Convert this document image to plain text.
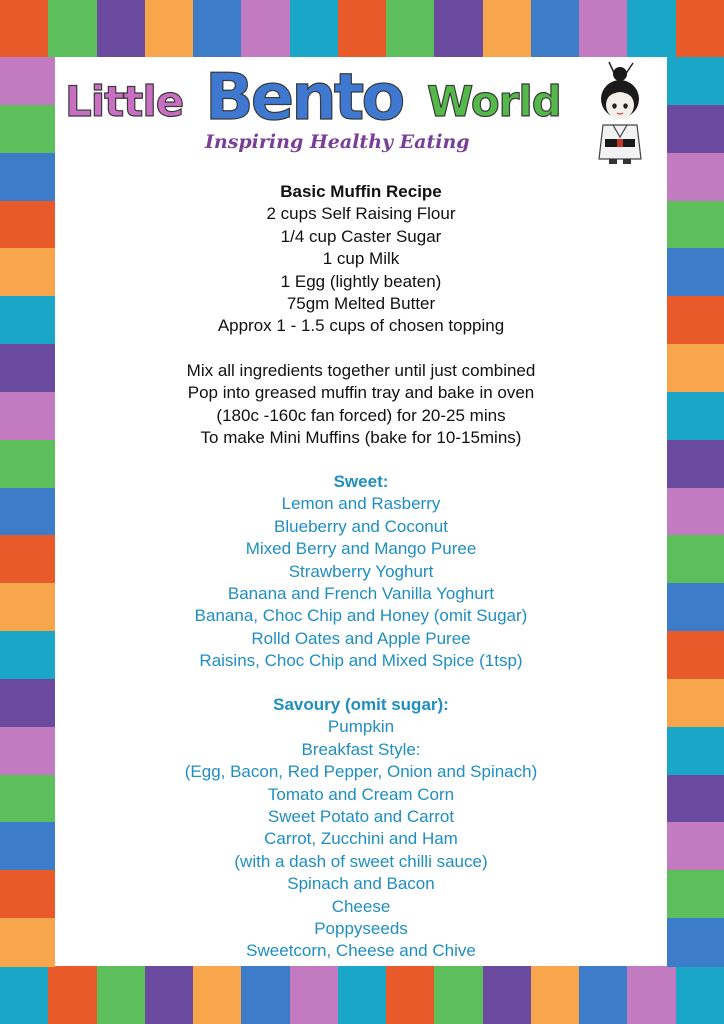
Little Bento World
Inspiring Healthy Eating
Basic Muffin Recipe
2 cups Self Raising Flour
1/4 cup Caster Sugar
1 cup Milk
1 Egg (lightly beaten)
75gm Melted Butter
Approx 1 - 1.5 cups of chosen topping
Mix all ingredients together until just combined
Pop into greased muffin tray and bake in oven
(180c -160c fan forced) for 20-25 mins
To make Mini Muffins (bake for 10-15mins)
Sweet:
Lemon and Rasberry
Blueberry and Coconut
Mixed Berry and Mango Puree
Strawberry Yoghurt
Banana and French Vanilla Yoghurt
Banana, Choc Chip and Honey (omit Sugar)
Rolld Oates and Apple Puree
Raisins, Choc Chip and Mixed Spice (1tsp)
Savoury (omit sugar):
Pumpkin
Breakfast Style:
(Egg, Bacon, Red Pepper, Onion and Spinach)
Tomato and Cream Corn
Sweet Potato and Carrot
Carrot, Zucchini and Ham
(with a dash of sweet chilli sauce)
Spinach and Bacon
Cheese
Poppyseeds
Sweetcorn, Cheese and Chive
